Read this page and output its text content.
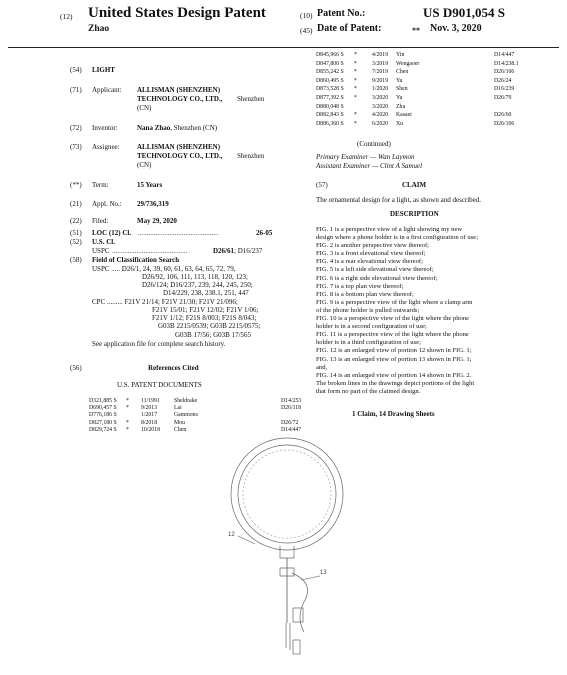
(12) United States Design Patent
Zhao
(10) Patent No.:	US D901,054 S
(45) Date of Patent:	** Nov. 3, 2020
(54) LIGHT
(71) Applicant: ALLISMAN (SHENZHEN) TECHNOLOGY CO., LTD.,	Shenzhen
(CN)
(72) Inventor:	Nana Zhao, Shenzhen (CN)
(73) Assignee: ALLISMAN (SHENZHEN) TECHNOLOGY CO., LTD.,	Shenzhen
(CN)
(**) Term:	15 Years
(21) Appl. No.: 29/736,319
(22) Filed:	May 29, 2020
(51) LOC (12) Cl. ..............................................	26-05
(52) U.S. Cl.
USPC ...........................................	D26/61; D16/237
(58) Field of Classification Search
USPC ..... D26/1, 24, 39, 60, 61, 63, 64, 65, 72, 79,
D26/92, 106, 111, 113, 118, 120, 123;
D26/124; D16/237, 239, 244, 245, 250;
D14/229, 238, 238.1, 251, 447
CPC ......... F21V 21/14; F21V 21/30; F21V 21/096;
F21V 15/01; F21V 12/02; F21V 1/06;
F21V 1/12; F21S 8/003; F21S 8/043;
G03B 2215/0539; G03B 2215/0575;
G03B 17/56; G03B 17/565
See application file for complete search history.
(56)	References Cited
U.S. PATENT DOCUMENTS
D321,885 S * 11/1991 Sheldrake	D14/253
D690,457 S * 9/2013	Lai	D26/118
D776,186 S	1/2017	Gammons
D827,180 S * 8/2018	Mou	D26/72
D829,724 S * 10/2018 Chen	D14/447
D845,966 S *	4/2019 Yin	D14/447
D847,800 S *	3/2019 Wengaoer	D14/238.1
D855,242 S *	7/2019 Chen	D26/106
D860,495 S *	9/2019 Yu	D26/24
D873,528 S *	1/2020 Shen	D16/239
D877,392 S *	3/2020 Yu	D26/79
D880,048 S	3/2020 Zhu
D882,843 S *	4/2020 Kasaei	D26/60
D886,360 S *	6/2020 Xu	D26/106
(Continued)
Primary Examiner — Wan Laymon
Assistant Examiner — Clint A Samuel
(57)	CLAIM
The ornamental design for a light, as shown and described.
DESCRIPTION
FIG. 1 is a perspective view of a light showing my new
design where a phone holder is in a first configuration of use;
FIG. 2 is another perspective view thereof;
FIG. 3 is a front elevational view thereof;
FIG. 4 is a rear elevational view thereof;
FIG. 5 is a left side elevational view thereof;
FIG. 6 is a right side elevational view thereof;
FIG. 7 is a top plan view thereof;
FIG. 8 is a bottom plan view thereof;
FIG. 9 is a perspective view of the light where a clamp arm
of the phone holder is pulled outwards;
FIG. 10 is a perspective view of the light where the phone
holder is in a second configuration of use;
FIG. 11 is a perspective view of the light where the phone
holder is in a third configuration of use;
FIG. 12 is an enlarged view of portion 12 shown in FIG. 1;
FIG. 13 is an enlarged view of portion 13 shown in FIG. 1;
and,
FIG. 14 is an enlarged view of portion 14 shown in FIG. 2.
The broken lines in the drawings depict portions of the light
that form no part of the claimed design.
1 Claim, 14 Drawing Sheets
12
13
